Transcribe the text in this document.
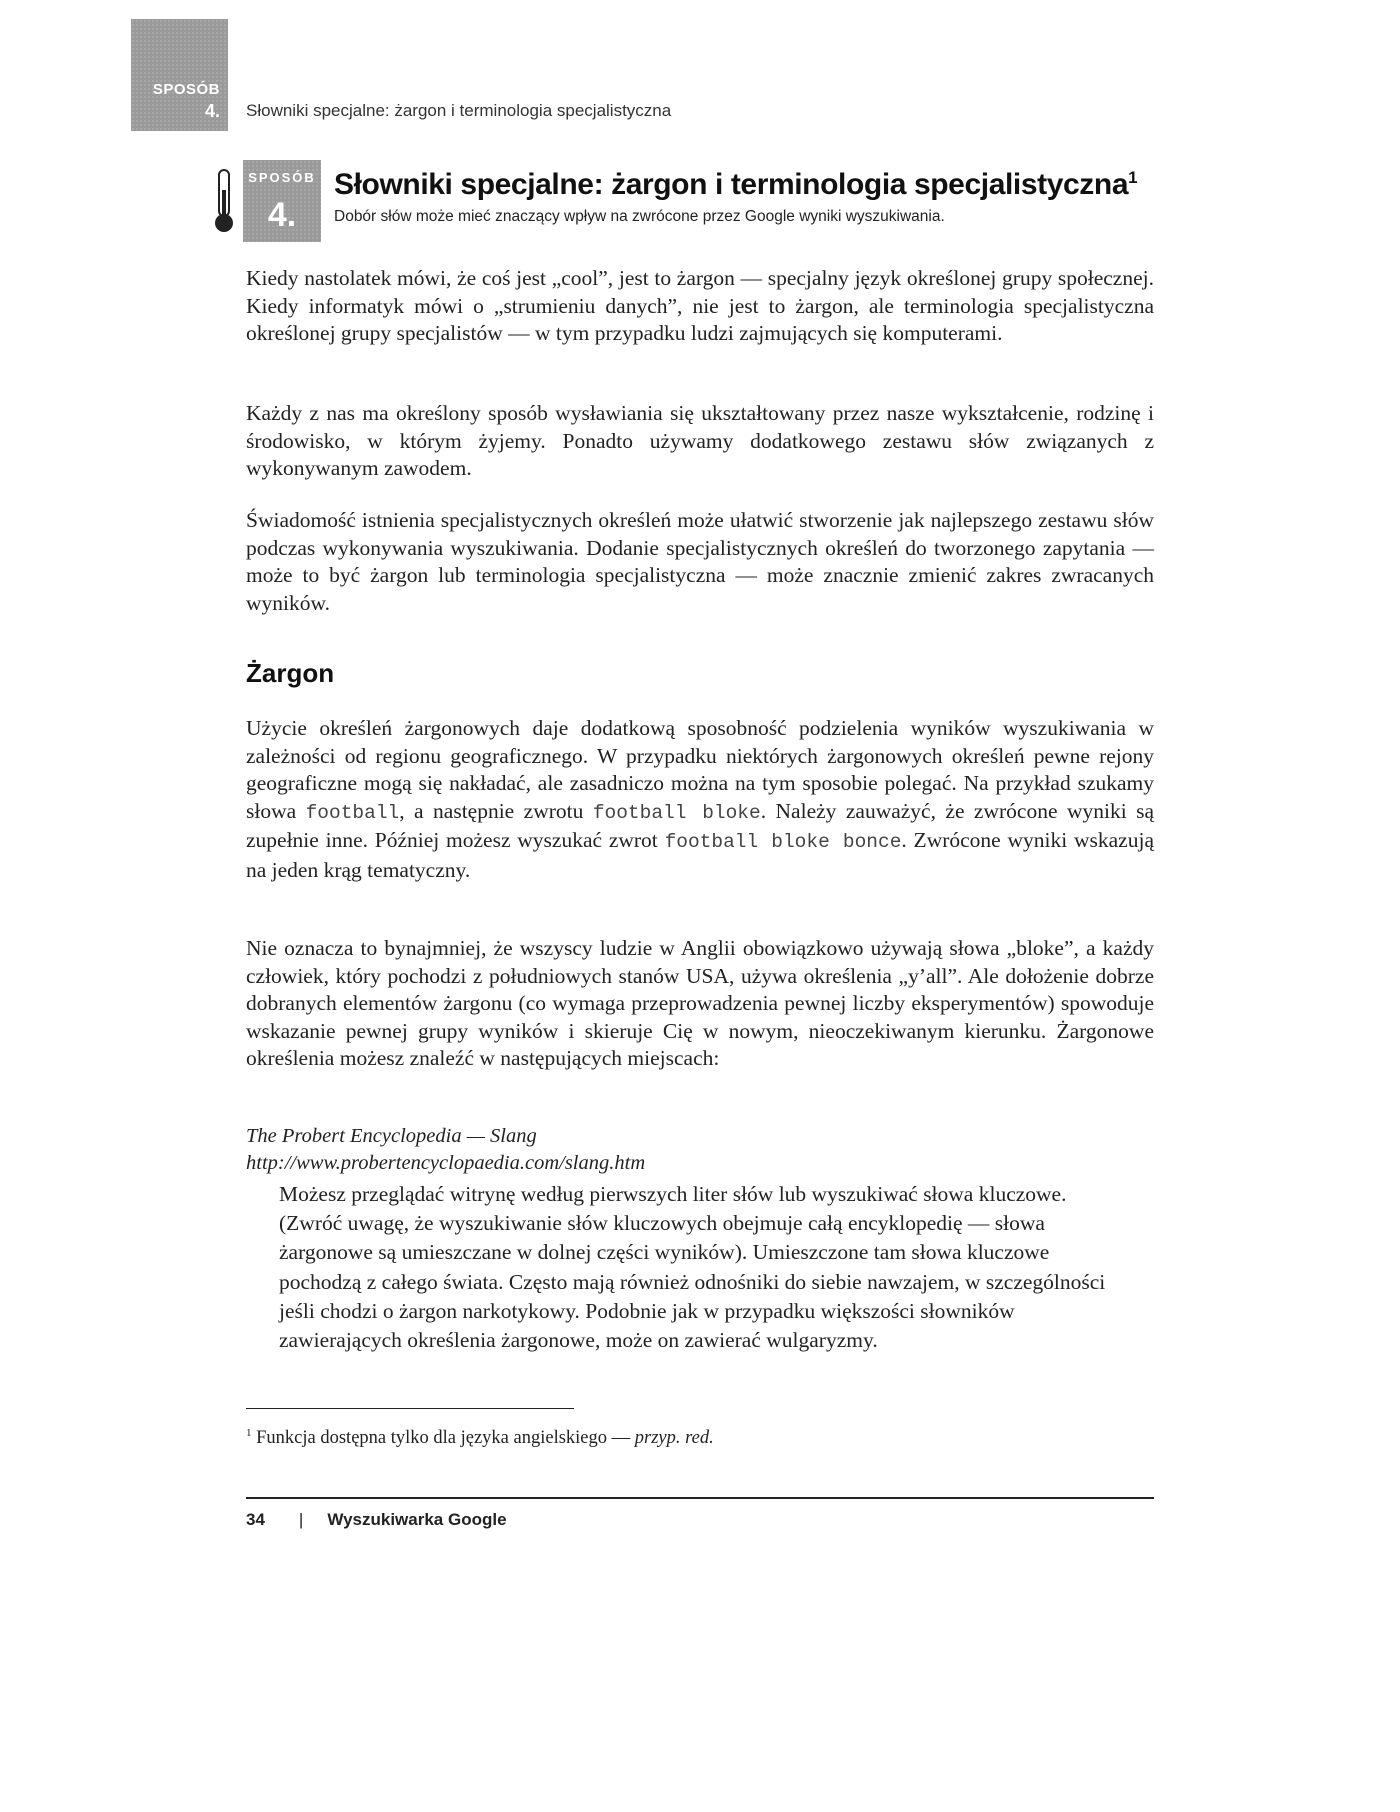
SPOSÓB
4. Słowniki specjalne: żargon i terminologia specjalistyczna
SPOSÓB
4.
Słowniki specjalne: żargon i terminologia specjalistyczna$^1$
Dobór słów może mieć znaczący wpływ na zwrócone przez Google wyniki wyszukiwania.
Kiedy nastolatek mówi, że coś jest „cool”, jest to żargon — specjalny język określonej grupy społecznej. Kiedy informatyk mówi o „strumieniu danych”, nie jest to żargon, ale terminologia specjalistyczna określonej grupy specjalistów — w tym przypadku ludzi zajmujących się komputerami.
Każdy z nas ma określony sposób wysławiania się ukształtowany przez nasze wykształcenie, rodzinę i środowisko, w którym żyjemy. Ponadto używamy dodatkowego zestawu słów związanych z wykonywanym zawodem.
Świadomość istnienia specjalistycznych określeń może ułatwić stworzenie jak najlepszego zestawu słów podczas wykonywania wyszukiwania. Dodanie specjalistycznych określeń do tworzonego zapytania — może to być żargon lub terminologia specjalistyczna — może znacznie zmienić zakres zwracanych wyników.
Żargon
Użycie określeń żargonowych daje dodatkową sposobność podzielenia wyników wyszukiwania w zależności od regionu geograficznego. W przypadku niektórych żargonowych określeń pewne rejony geograficzne mogą się nakładać, ale zasadniczo można na tym sposobie polegać. Na przykład szukamy słowa football, a następnie zwrotu football bloke. Należy zauważyć, że zwrócone wyniki są zupełnie inne. Później możesz wyszukać zwrot football bloke bonce. Zwrócone wyniki wskazują na jeden krąg tematyczny.
Nie oznacza to bynajmniej, że wszyscy ludzie w Anglii obowiązkowo używają słowa „bloke”, a każdy człowiek, który pochodzi z południowych stanów USA, używa określenia „y’all”. Ale dołożenie dobrze dobranych elementów żargonu (co wymaga przeprowadzenia pewnej liczby eksperymentów) spowoduje wskazanie pewnej grupy wyników i skieruje Cię w nowym, nieoczekiwanym kierunku. Żargonowe określenia możesz znaleźć w następujących miejscach:
The Probert Encyclopedia — Slang
http://www.probertencyclopaedia.com/slang.htm
Możesz przeglądać witrynę według pierwszych liter słów lub wyszukiwać słowa kluczowe. (Zwróć uwagę, że wyszukiwanie słów kluczowych obejmuje całą encyklopedię — słowa żargonowe są umieszczane w dolnej części wyników). Umieszczone tam słowa kluczowe pochodzą z całego świata. Często mają również odnośniki do siebie nawzajem, w szczególności jeśli chodzi o żargon narkotykowy. Podobnie jak w przypadku większości słowników zawierających określenia żargonowe, może on zawierać wulgaryzmy.
$^1$ Funkcja dostępna tylko dla języka angielskiego — przyp. red.
34 | Wyszukiwarka Google
